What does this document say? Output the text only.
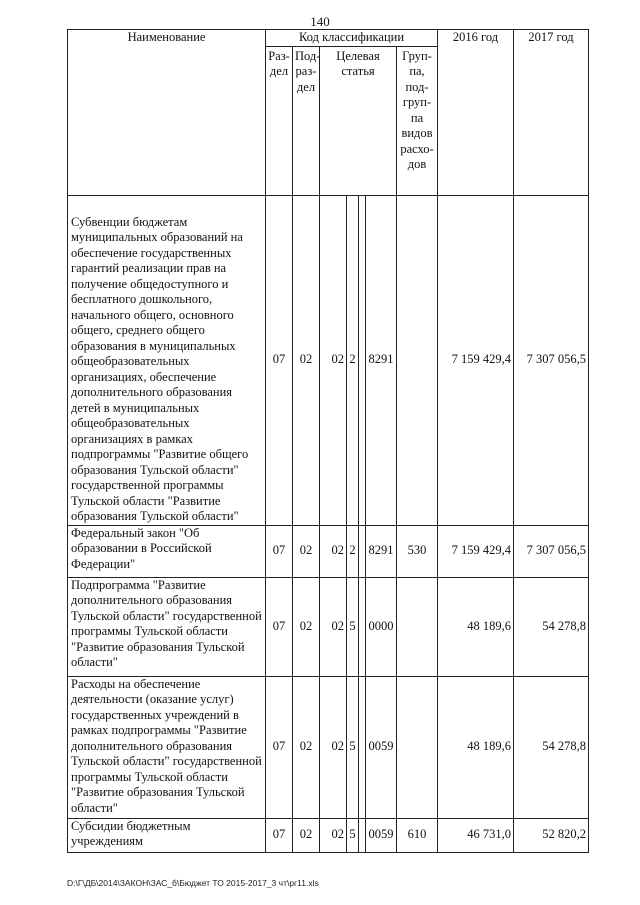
140
Наименование	Код классификации							2016 год	2017 год
	Раз-дел	Под-раз-дел	Целевая статья				Груп-па, под-груп-па видов расхо-дов		
Субвенции бюджетам муниципальных образований на обеспечение государственных гарантий реализации прав на получение общедоступного и бесплатного дошкольного, начального общего, основного общего, среднего общего образования в муниципальных общеобразовательных организациях, обеспечение дополнительного образования детей в муниципальных общеобразовательных организациях в рамках подпрограммы "Развитие общего образования Тульской области" государственной программы Тульской области "Развитие образования Тульской области"	07	02	02	2		8291		7 159 429,4	7 307 056,5
Федеральный закон "Об образовании в Российской Федерации"	07	02	02	2		8291	530	7 159 429,4	7 307 056,5
Подпрограмма "Развитие дополнительного образования Тульской области" государственной программы Тульской области "Развитие образования Тульской области"	07	02	02	5		0000		48 189,6	54 278,8
Расходы на обеспечение деятельности (оказание услуг) государственных учреждений в рамках подпрограммы "Развитие дополнительного образования Тульской области" государственной программы Тульской области "Развитие образования Тульской области"	07	02	02	5		0059		48 189,6	54 278,8
Субсидии бюджетным учреждениям	07	02	02	5		0059	610	46 731,0	52 820,2
D:\Г\ДБ\2014\ЗАКОН\ЗАС_б\Бюджет ТО 2015-2017_3 чт\рг11.xls
